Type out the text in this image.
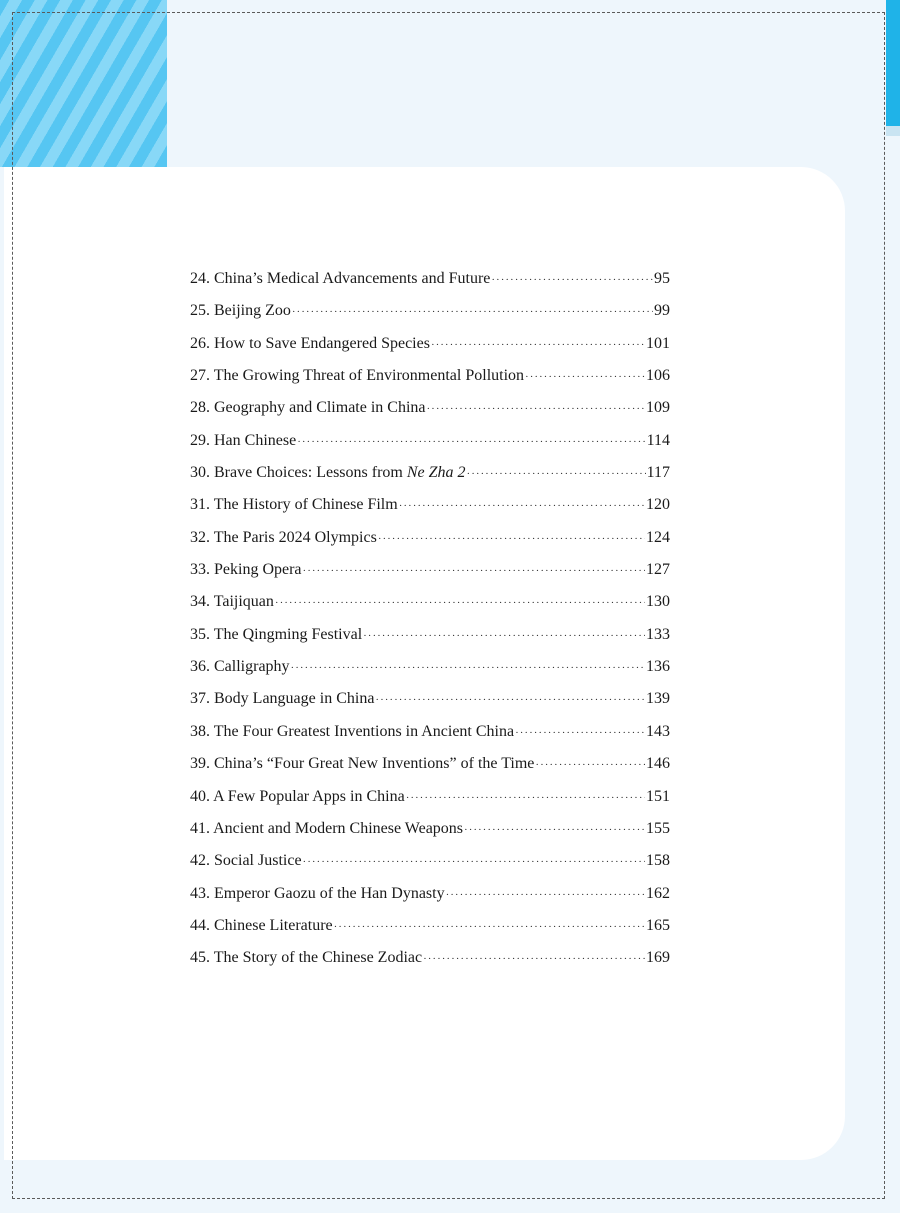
24. China’s Medical Advancements and Future ·····	95
25. Beijing Zoo ·····	99
26. How to Save Endangered Species ·····	101
27. The Growing Threat of Environmental Pollution ·····	106
28. Geography and Climate in China ·····	109
29. Han Chinese ·····	114
30. Brave Choices: Lessons from Ne Zha 2 ·····	117
31. The History of Chinese Film ·····	120
32. The Paris 2024 Olympics ·····	124
33. Peking Opera ·····	127
34. Taijiquan ·····	130
35. The Qingming Festival ·····	133
36. Calligraphy ·····	136
37. Body Language in China ·····	139
38. The Four Greatest Inventions in Ancient China ·····	143
39. China’s “Four Great New Inventions” of the Time ·····	146
40. A Few Popular Apps in China ·····	151
41. Ancient and Modern Chinese Weapons ·····	155
42. Social Justice ·····	158
43. Emperor Gaozu of the Han Dynasty ·····	162
44. Chinese Literature ·····	165
45. The Story of the Chinese Zodiac ·····	169
